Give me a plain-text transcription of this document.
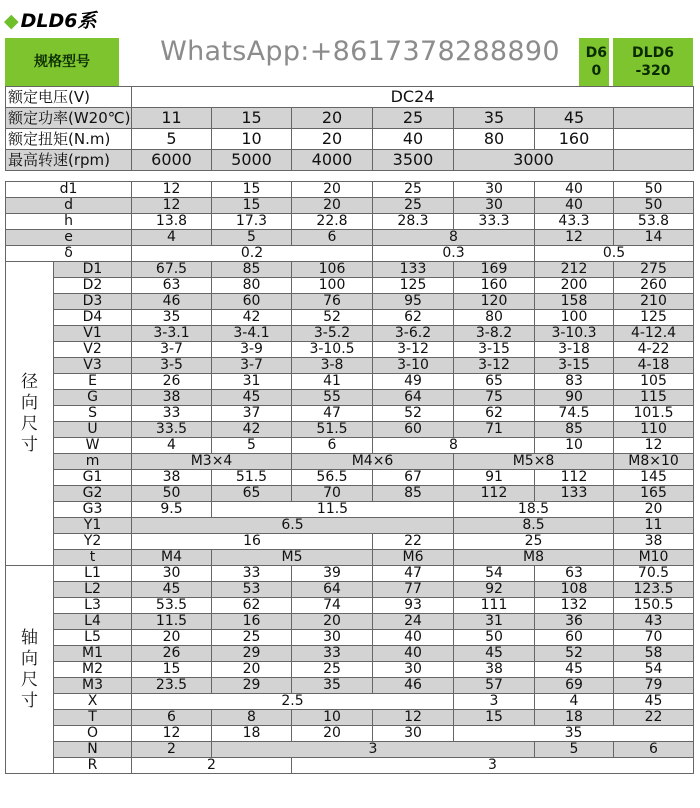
◆ DLD6系
规格型号
D6
0
DLD6
-320
额定电压(V)	DC24						
额定功率(W20℃)	11	15	20	25	35	45	
额定扭矩(N.m)	5	10	20	40	80	160	
最高转速(rpm)	6000	5000	4000	3500	3000		
d1		12	15	20	25	30	40	50
d		12	15	20	25	30	40	50
h		13.8	17.3	22.8	28.3	33.3	43.3	53.8
e		4	5	6	8		12	14
δ		0.2			0.3		0.5	
径向尺寸	D1	67.5	85	106	133	169	212	275
	D2	63	80	100	125	160	200	260
	D3	46	60	76	95	120	158	210
	D4	35	42	52	62	80	100	125
	V1	3-3.1	3-4.1	3-5.2	3-6.2	3-8.2	3-10.3	4-12.4
	V2	3-7	3-9	3-10.5	3-12	3-15	3-18	4-22
	V3	3-5	3-7	3-8	3-10	3-12	3-15	4-18
	E	26	31	41	49	65	83	105
	G	38	45	55	64	75	90	115
	S	33	37	47	52	62	74.5	101.5
	U	33.5	42	51.5	60	71	85	110
	W	4	5	6	8		10	12
	m	M3×4		M4×6		M5×8		M8×10
	G1	38	51.5	56.5	67	91	112	145
	G2	50	65	70	85	112	133	165
	G3	9.5	11.5			18.5		20
	Y1	6.5				8.5		11
	Y2	16			22	25		38
	t	M4	M5		M6	M8		M10
轴向尺寸	L1	30	33	39	47	54	63	70.5
	L2	45	53	64	77	92	108	123.5
	L3	53.5	62	74	93	111	132	150.5
	L4	11.5	16	20	24	31	36	43
	L5	20	25	30	40	50	60	70
	M1	26	29	33	40	45	52	58
	M2	15	20	25	30	38	45	54
	M3	23.5	29	35	46	57	69	79
	X	2.5				3	4	45
	T	6	8	10	12	15	18	22
	O	12	18	20	30	35		
	N	2	3				5	6
	R	2		3				
WhatsApp:+8617378288890
